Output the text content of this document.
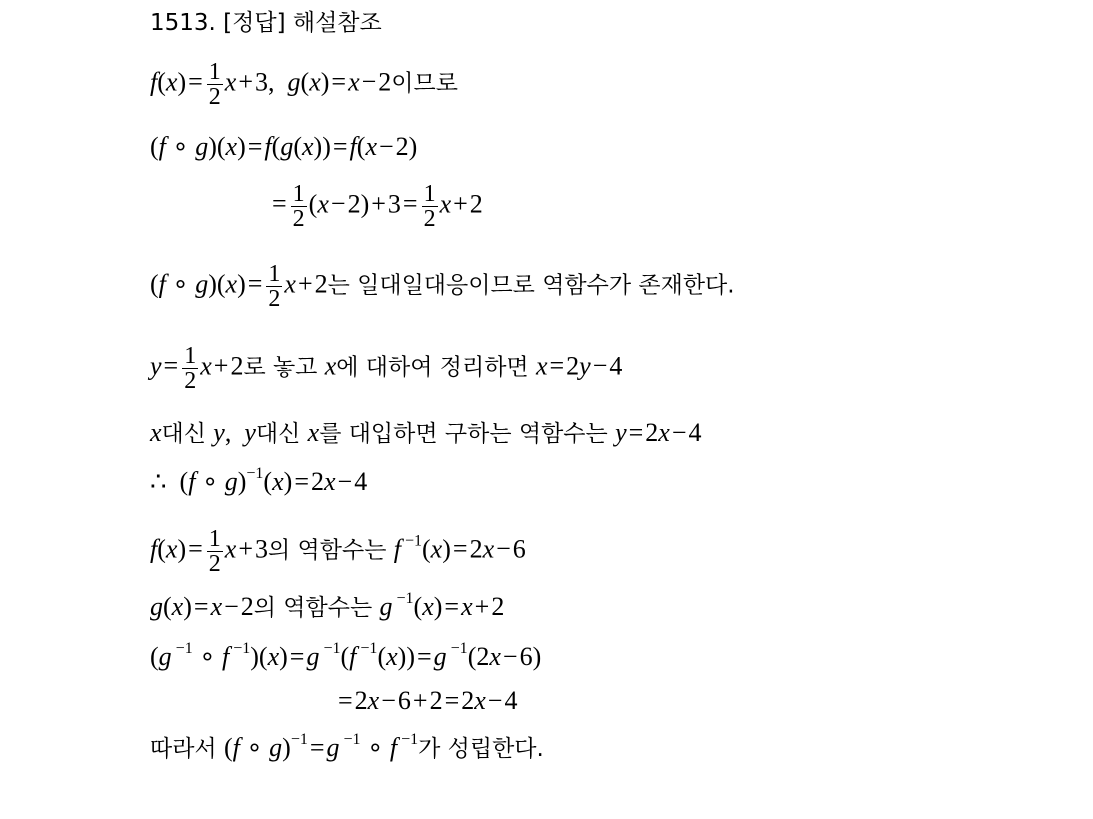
1513. [정답] 해설참조
$f(x)= \frac{1}{2} x+3$,  g(x)=x−2이므로
(f ∘ g)(x)=f(g(x))=f(x−2)
= $\frac{1}{2} (x-2)+3= \frac{1}{2} x+2$
(f ∘ $g)(x)= \frac{1}{2} x+2$는 일대일대응이므로 역함수가 존재한다.
$y= \frac{1}{2} x+2$로 놓고 x에 대하여 정리하면 x=2y−4
x대신 y,  y대신 x를 대입하면 구하는 역함수는 y=2x−4
∴  (f ∘ g)$^{-1}$(x)=2x−4
$f(x)= \frac{1}{2} x+3$의 역함수는 f $^{-1}$(x)=2x−6
g(x)=x−2의 역함수는 g $^{-1}$(x)=x+2
(g $^{-1}$ ∘ f $^{-1}$)(x)=g $^{-1}$(f $^{-1}$(x))=g $^{-1}$(2x−6)
=2x−6+2=2x−4
따라서 (f ∘ g)$^{-1}$=g $^{-1}$ ∘ f $^{-1}$가 성립한다.
